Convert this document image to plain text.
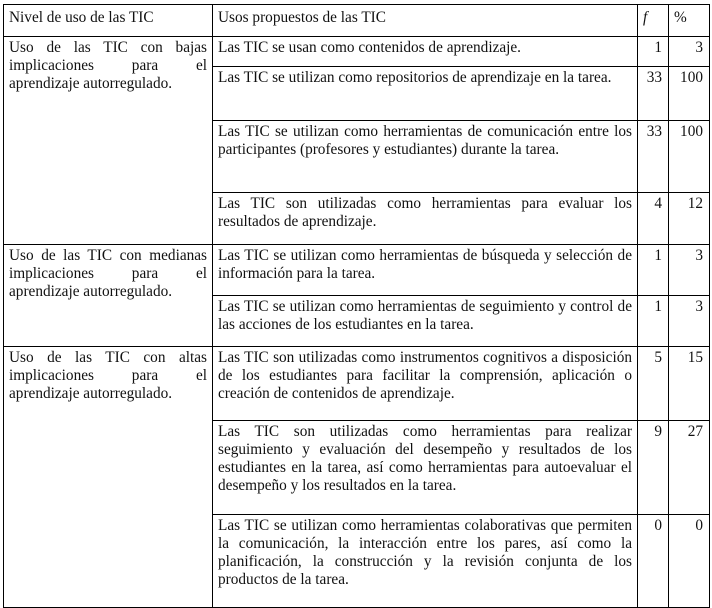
Nivel de uso de las TIC	Usos propuestos de las TIC	f	%
Uso de las TIC con bajas implicaciones para el aprendizaje autorregulado.	Las TIC se usan como contenidos de aprendizaje.	1	3
	Las TIC se utilizan como repositorios de aprendizaje en la tarea.	33	100
	Las TIC se utilizan como herramientas de comunicación entre los participantes (profesores y estudiantes) durante la tarea.	33	100
	Las TIC son utilizadas como herramientas para evaluar los resultados de aprendizaje.	4	12
Uso de las TIC con medianas implicaciones para el aprendizaje autorregulado.	Las TIC se utilizan como herramientas de búsqueda y selección de información para la tarea.	1	3
	Las TIC se utilizan como herramientas de seguimiento y control de las acciones de los estudiantes en la tarea.	1	3
Uso de las TIC con altas implicaciones para el aprendizaje autorregulado.	Las TIC son utilizadas como instrumentos cognitivos a disposición de los estudiantes para facilitar la comprensión, aplicación o creación de contenidos de aprendizaje.	5	15
	Las TIC son utilizadas como herramientas para realizar seguimiento y evaluación del desempeño y resultados de los estudiantes en la tarea, así como herramientas para autoevaluar el desempeño y los resultados en la tarea.	9	27
	Las TIC se utilizan como herramientas colaborativas que permiten la comunicación, la interacción entre los pares, así como la planificación, la construcción y la revisión conjunta de los productos de la tarea.	0	0
